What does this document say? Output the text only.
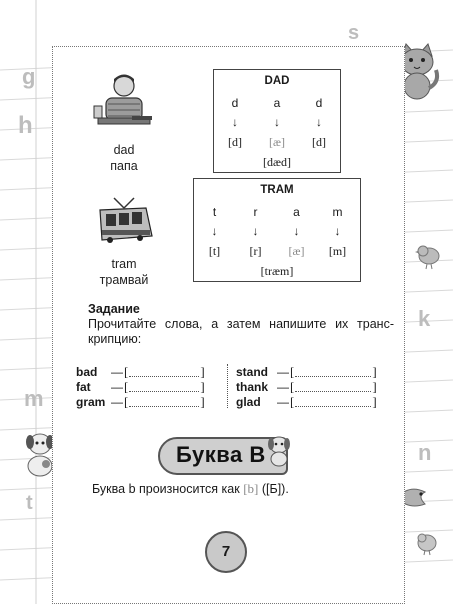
s
g
h
k
m
n
t
dad
папа
tram
трамвай
DAD
d	a	d
↓	↓	↓
[d]	[æ]	[d]
[dæd]
TRAM
t	r	a	m
↓	↓	↓	↓
[t]	[r]	[æ]	[m]
[træm]
Задание
Прочитайте слова, а затем напишите их транс-крипцию:
bad	— [	]
fat	— [	]
gram — [	]
stand — [	]
thank — [	]
glad	— [	]
Буква B
Буква b произносится как [b] ([Б]).
7
